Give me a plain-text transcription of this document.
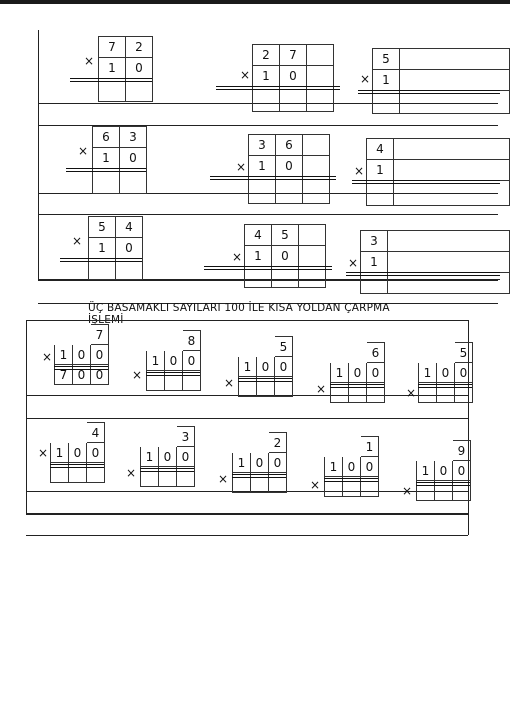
×
7	2
1	0
		×
2	7	
1	0	
			×
5	
1	

×
6	3
1	0

×
3	6	
1	0	
			×
4	
1	

×
5	4
1	0

×
4	5	
1	0	
			×
3	
1	

ÜÇ BASAMAKLI SAYILARI 100 İLE KISA YOLDAN ÇARPMA
İŞLEMİ
×
		7
1	0	0
7	0	0 ×
		8
1	0	0

×
		5
1	0	0

×
		6
1	0	0

×
		5
1	0	0

×
		4
1	0	0

×
		3
1	0	0

×
		2
1	0	0

×
		1
1	0	0

×
		9
1	0	0
